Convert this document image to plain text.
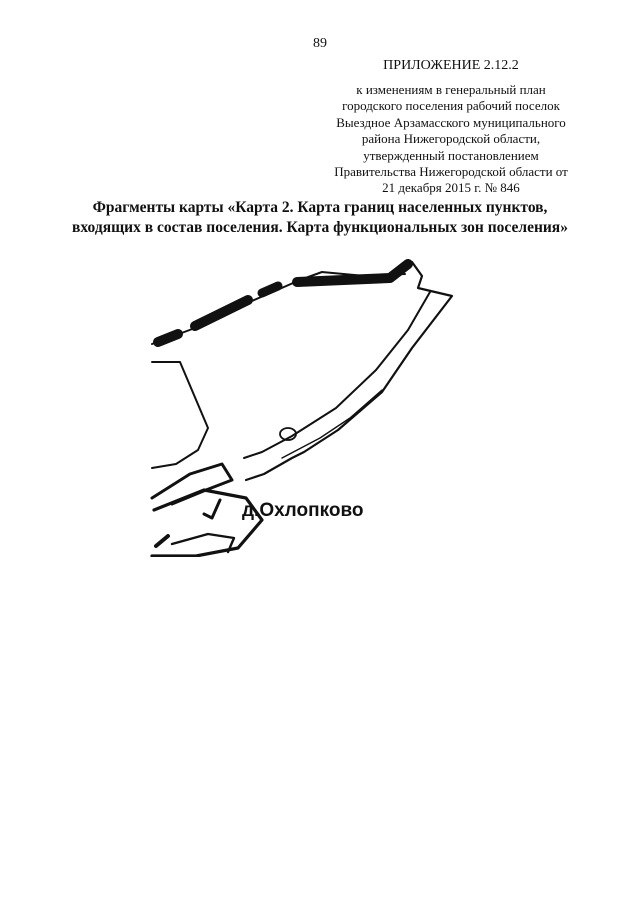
89
ПРИЛОЖЕНИЕ 2.12.2
к изменениям в генеральный план
городского поселения рабочий поселок
Выездное Арзамасского муниципального
района Нижегородской области,
утвержденный постановлением
Правительства Нижегородской области от
21 декабря 2015 г. № 846
Фрагменты карты «Карта 2. Карта границ населенных пунктов,
входящих в состав поселения. Карта функциональных зон поселения»
д.Охлопково
